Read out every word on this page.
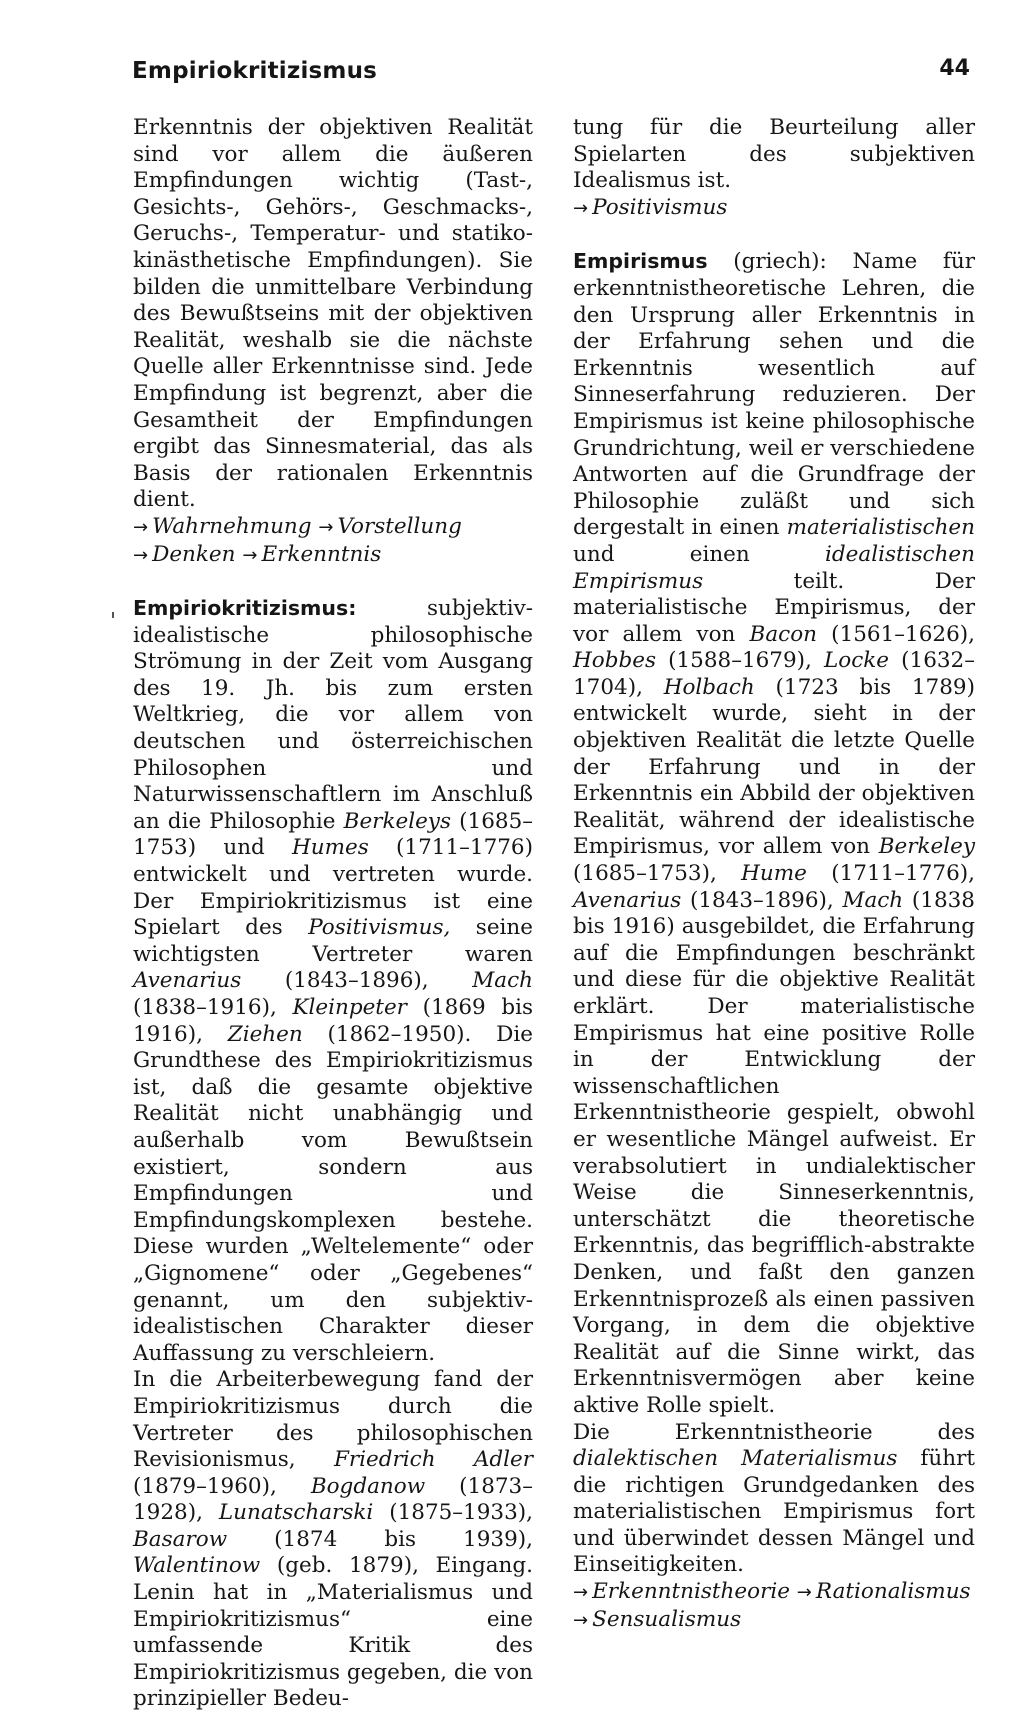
Empiriokritizismus	44

Erkenntnis der objektiven Realität sind vor allem die äußeren Empfindungen wichtig (Tast-, Gesichts-, Gehörs-, Geschmacks-, Geruchs-, Temperatur- und statiko-kinästhetische Empfindungen). Sie bilden die unmittelbare Verbindung des Bewußtseins mit der objektiven Realität, weshalb sie die nächste Quelle aller Erkenntnisse sind. Jede Empfindung ist begrenzt, aber die Gesamtheit der Empfindungen ergibt das Sinnesmaterial, das als Basis der rationalen Erkenntnis dient.

→ Wahrnehmung → Vorstellung → Denken → Erkenntnis

Empiriokritizismus: subjektiv-idealistische philosophische Strömung in der Zeit vom Ausgang des 19. Jh. bis zum ersten Weltkrieg, die vor allem von deutschen und österreichischen Philosophen und Naturwissenschaftlern im Anschluß an die Philosophie Berkeleys (1685–1753) und Humes (1711–1776) entwickelt und vertreten wurde. Der Empiriokritizismus ist eine Spielart des Positivismus, seine wichtigsten Vertreter waren Avenarius (1843–1896), Mach (1838–1916), Kleinpeter (1869 bis 1916), Ziehen (1862–1950). Die Grundthese des Empiriokritizismus ist, daß die gesamte objektive Realität nicht unabhängig und außerhalb vom Bewußtsein existiert, sondern aus Empfindungen und Empfindungskomplexen bestehe. Diese wurden „Weltelemente“ oder „Gignomene“ oder „Gegebenes“ genannt, um den subjektiv-idealistischen Charakter dieser Auffassung zu verschleiern.

In die Arbeiterbewegung fand der Empiriokritizismus durch die Vertreter des philosophischen Revisionismus, Friedrich Adler (1879–1960), Bogdanow (1873–1928), Lunatscharski (1875–1933), Basarow (1874 bis 1939), Walentinow (geb. 1879), Eingang. Lenin hat in „Materialismus und Empiriokritizismus“ eine umfassende Kritik des Empiriokritizismus gegeben, die von prinzipieller Bedeu-

tung für die Beurteilung aller Spielarten des subjektiven Idealismus ist.

→ Positivismus

Empirismus (griech): Name für erkenntnistheoretische Lehren, die den Ursprung aller Erkenntnis in der Erfahrung sehen und die Erkenntnis wesentlich auf Sinneserfahrung reduzieren. Der Empirismus ist keine philosophische Grundrichtung, weil er verschiedene Antworten auf die Grundfrage der Philosophie zuläßt und sich dergestalt in einen materialistischen und einen idealistischen Empirismus teilt. Der materialistische Empirismus, der vor allem von Bacon (1561–1626), Hobbes (1588–1679), Locke (1632–1704), Holbach (1723 bis 1789) entwickelt wurde, sieht in der objektiven Realität die letzte Quelle der Erfahrung und in der Erkenntnis ein Abbild der objektiven Realität, während der idealistische Empirismus, vor allem von Berkeley (1685–1753), Hume (1711–1776), Avenarius (1843–1896), Mach (1838 bis 1916) ausgebildet, die Erfahrung auf die Empfindungen beschränkt und diese für die objektive Realität erklärt. Der materialistische Empirismus hat eine positive Rolle in der Entwicklung der wissenschaftlichen Erkenntnistheorie gespielt, obwohl er wesentliche Mängel aufweist. Er verabsolutiert in undialektischer Weise die Sinneserkenntnis, unterschätzt die theoretische Erkenntnis, das begrifflich-abstrakte Denken, und faßt den ganzen Erkenntnisprozeß als einen passiven Vorgang, in dem die objektive Realität auf die Sinne wirkt, das Erkenntnisvermögen aber keine aktive Rolle spielt.

Die Erkenntnistheorie des dialektischen Materialismus führt die richtigen Grundgedanken des materialistischen Empirismus fort und überwindet dessen Mängel und Einseitigkeiten.

→ Erkenntnistheorie → Rationalismus → Sensualismus
